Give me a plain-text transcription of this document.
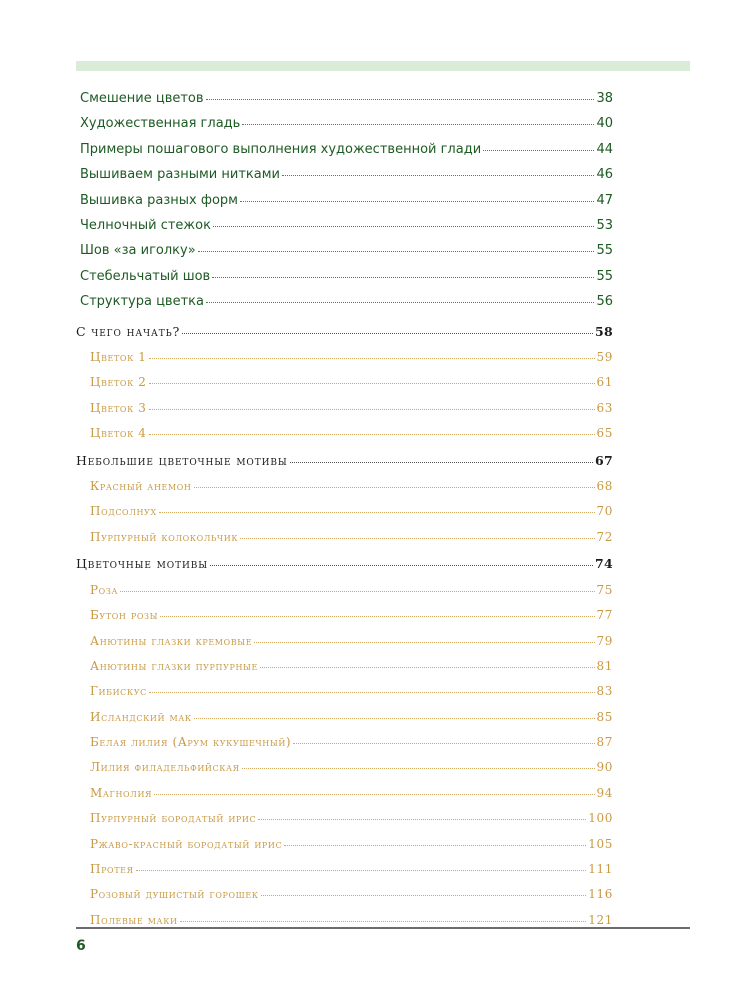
Смешение цветов	38
Художественная гладь	40
Примеры пошагового выполнения художественной глади	44
Вышиваем разными нитками	46
Вышивка разных форм	47
Челночный стежок	53
Шов «за иголку»	55
Стебельчатый шов	55
Структура цветка	56
С чего начать?	58
Цветок 1	59
Цветок 2	61
Цветок 3	63
Цветок 4	65
Небольшие цветочные мотивы	67
Красный анемон	68
Подсолнух	70
Пурпурный колокольчик	72
Цветочные мотивы	74
Роза	75
Бутон розы	77
Анютины глазки кремовые	79
Анютины глазки пурпурные	81
Гибискус	83
Исландский мак	85
Белая лилия (Арум кукушечный)	87
Лилия филадельфийская	90
Магнолия	94
Пурпурный бородатый ирис	100
Ржаво-красный бородатый ирис	105
Протея	111
Розовый душистый горошек	116
Полевые маки	121
6
